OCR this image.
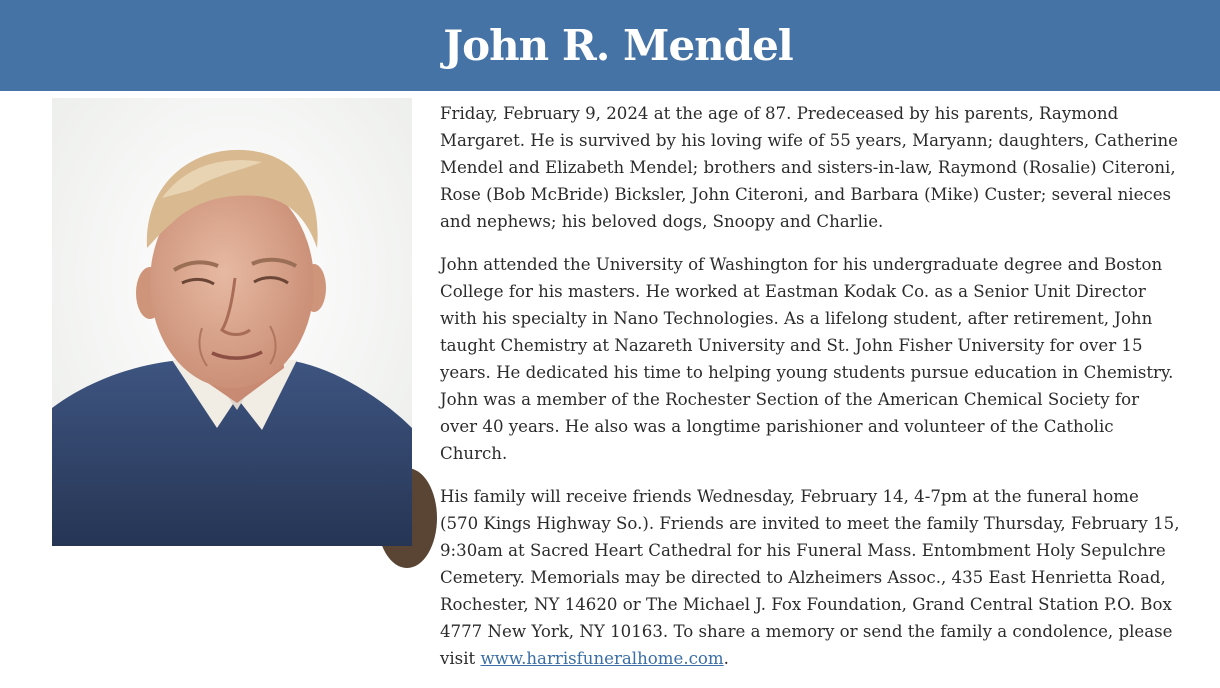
John R. Mendel

Friday, February 9, 2024 at the age of 87. Predeceased by his parents, Raymond Margaret. He is survived by his loving wife of 55 years, Maryann; daughters, Catherine Mendel and Elizabeth Mendel; brothers and sisters-in-law, Raymond (Rosalie) Citeroni, Rose (Bob McBride) Bicksler, John Citeroni, and Barbara (Mike) Custer; several nieces and nephews; his beloved dogs, Snoopy and Charlie.

John attended the University of Washington for his undergraduate degree and Boston College for his masters. He worked at Eastman Kodak Co. as a Senior Unit Director with his specialty in Nano Technologies. As a lifelong student, after retirement, John taught Chemistry at Nazareth University and St. John Fisher University for over 15 years. He dedicated his time to helping young students pursue education in Chemistry. John was a member of the Rochester Section of the American Chemical Society for over 40 years. He also was a longtime parishioner and volunteer of the Catholic Church.

His family will receive friends Wednesday, February 14, 4-7pm at the funeral home (570 Kings Highway So.). Friends are invited to meet the family Thursday, February 15, 9:30am at Sacred Heart Cathedral for his Funeral Mass. Entombment Holy Sepulchre Cemetery. Memorials may be directed to Alzheimers Assoc., 435 East Henrietta Road, Rochester, NY 14620 or The Michael J. Fox Foundation, Grand Central Station P.O. Box 4777 New York, NY 10163. To share a memory or send the family a condolence, please visit www.harrisfuneralhome.com.
